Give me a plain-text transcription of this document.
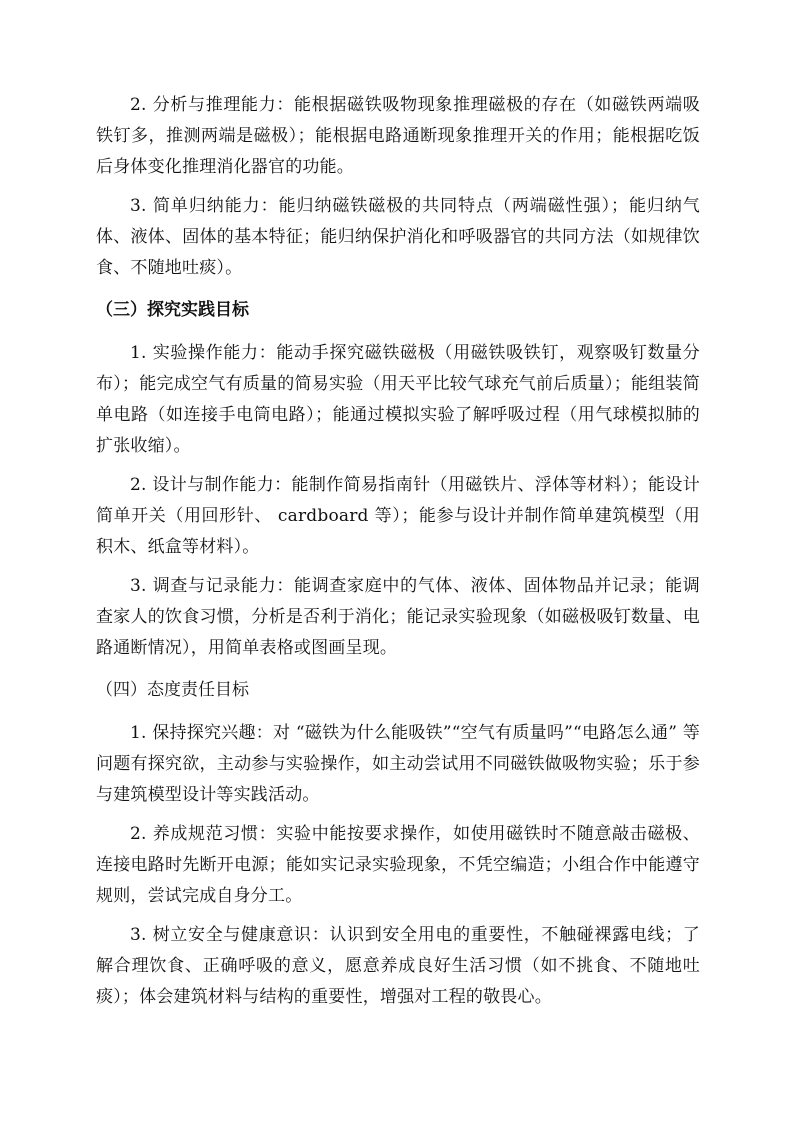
2. 分析与推理能力：能根据磁铁吸物现象推理磁极的存在（如磁铁两端吸铁钉多，推测两端是磁极）；能根据电路通断现象推理开关的作用；能根据吃饭后身体变化推理消化器官的功能。

3. 简单归纳能力：能归纳磁铁磁极的共同特点（两端磁性强）；能归纳气体、液体、固体的基本特征；能归纳保护消化和呼吸器官的共同方法（如规律饮食、不随地吐痰）。

（三）探究实践目标

1. 实验操作能力：能动手探究磁铁磁极（用磁铁吸铁钉，观察吸钉数量分布）；能完成空气有质量的简易实验（用天平比较气球充气前后质量）；能组装简单电路（如连接手电筒电路）；能通过模拟实验了解呼吸过程（用气球模拟肺的扩张收缩）。

2. 设计与制作能力：能制作简易指南针（用磁铁片、浮体等材料）；能设计简单开关（用回形针、 cardboard 等）；能参与设计并制作简单建筑模型（用积木、纸盒等材料）。

3. 调查与记录能力：能调查家庭中的气体、液体、固体物品并记录；能调查家人的饮食习惯，分析是否利于消化；能记录实验现象（如磁极吸钉数量、电路通断情况），用简单表格或图画呈现。

（四）态度责任目标

1. 保持探究兴趣：对 “磁铁为什么能吸铁”“空气有质量吗”“电路怎么通” 等问题有探究欲，主动参与实验操作，如主动尝试用不同磁铁做吸物实验；乐于参与建筑模型设计等实践活动。

2. 养成规范习惯：实验中能按要求操作，如使用磁铁时不随意敲击磁极、连接电路时先断开电源；能如实记录实验现象，不凭空编造；小组合作中能遵守规则，尝试完成自身分工。

3. 树立安全与健康意识：认识到安全用电的重要性，不触碰裸露电线；了解合理饮食、正确呼吸的意义，愿意养成良好生活习惯（如不挑食、不随地吐痰）；体会建筑材料与结构的重要性，增强对工程的敬畏心。
